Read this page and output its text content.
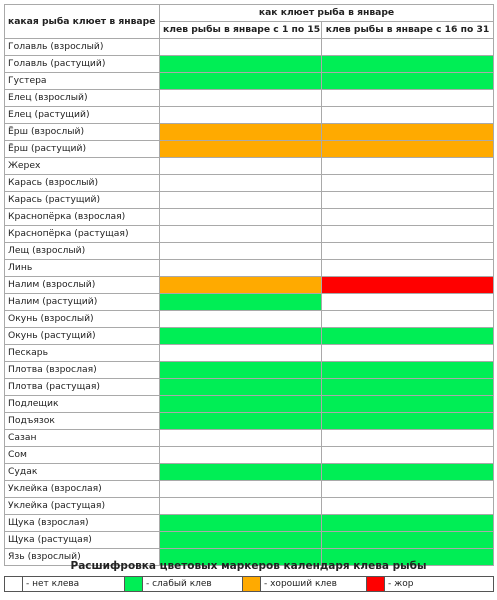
какая рыба клюет в январе	как клюет рыба в январе	
	клев рыбы в январе с 1 по 15	клев рыбы в январе с 16 по 31
Голавль (взрослый)		
Голавль (растущий)		
Густера		
Елец (взрослый)		
Елец (растущий)		
Ёрш (взрослый)		
Ёрш (растущий)		
Жерех		
Карась (взрослый)		
Карась (растущий)		
Краснопёрка (взрослая)		
Краснопёрка (растущая)		
Лещ (взрослый)		
Линь		
Налим (взрослый)		
Налим (растущий)		
Окунь (взрослый)		
Окунь (растущий)		
Пескарь		
Плотва (взрослая)		
Плотва (растущая)		
Подлещик		
Подъязок		
Сазан		
Сом		
Судак		
Уклейка (взрослая)		
Уклейка (растущая)		
Щука (взрослая)		
Щука (растущая)		
Язь (взрослый)		
Расшифровка цветовых маркеров календаря клева рыбы
	- нет клева		- слабый клев		- хороший клев		- жор
